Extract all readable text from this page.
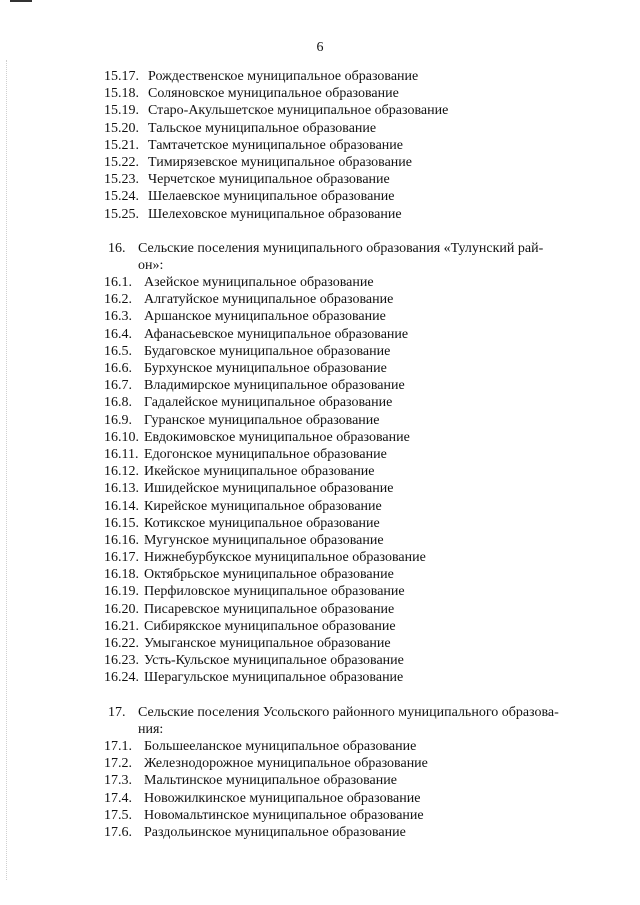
6
15.17. Рождественское муниципальное образование
15.18. Соляновское муниципальное образование
15.19. Старо-Акульшетское муниципальное образование
15.20. Тальское муниципальное образование
15.21. Тамтачетское муниципальное образование
15.22. Тимирязевское муниципальное образование
15.23. Черчетское муниципальное образование
15.24. Шелаевское муниципальное образование
15.25. Шелеховское муниципальное образование
16. Сельские поселения муниципального образования «Тулунский рай-
он»:
16.1. Азейское муниципальное образование
16.2. Алгатуйское муниципальное образование
16.3. Аршанское муниципальное образование
16.4. Афанасьевское муниципальное образование
16.5. Будаговское муниципальное образование
16.6. Бурхунское муниципальное образование
16.7. Владимирское муниципальное образование
16.8. Гадалейское муниципальное образование
16.9. Гуранское муниципальное образование
16.10. Евдокимовское муниципальное образование
16.11. Едогонское муниципальное образование
16.12. Икейское муниципальное образование
16.13. Ишидейское муниципальное образование
16.14. Кирейское муниципальное образование
16.15. Котикское муниципальное образование
16.16. Мугунское муниципальное образование
16.17. Нижнебурбукское муниципальное образование
16.18. Октябрьское муниципальное образование
16.19. Перфиловское муниципальное образование
16.20. Писаревское муниципальное образование
16.21. Сибирякское муниципальное образование
16.22. Умыганское муниципальное образование
16.23. Усть-Кульское муниципальное образование
16.24. Шерагульское муниципальное образование
17. Сельские поселения Усольского районного муниципального образова-
ния:
17.1. Большееланское муниципальное образование
17.2. Железнодорожное муниципальное образование
17.3. Мальтинское муниципальное образование
17.4. Новожилкинское муниципальное образование
17.5. Новомальтинское муниципальное образование
17.6. Раздольинское муниципальное образование
